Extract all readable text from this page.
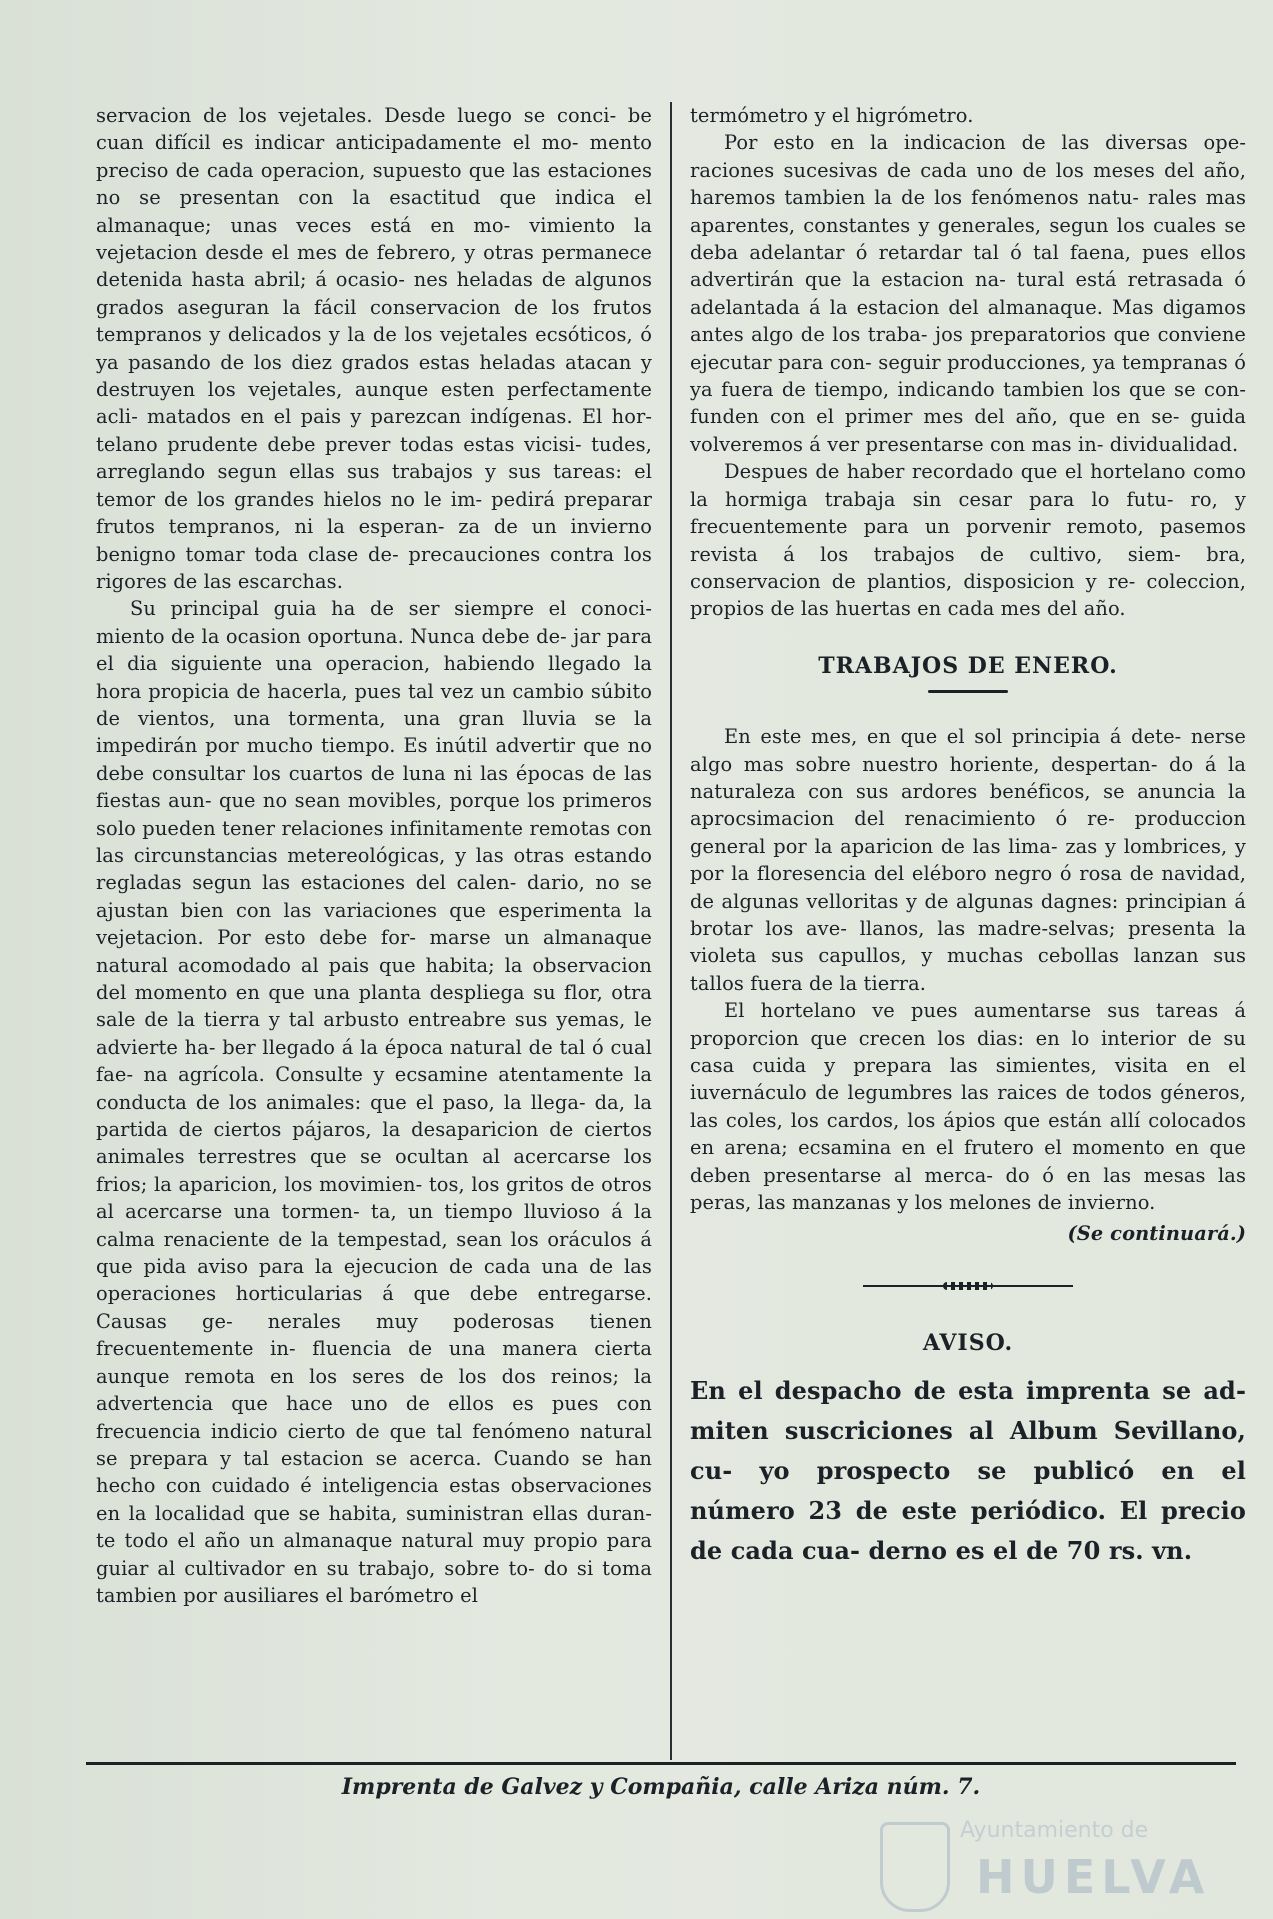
servacion de los vejetales. Desde luego se conci- be cuan difícil es indicar anticipadamente el mo- mento preciso de cada operacion, supuesto que las estaciones no se presentan con la esactitud que indica el almanaque; unas veces está en mo- vimiento la vejetacion desde el mes de febrero, y otras permanece detenida hasta abril; á ocasio- nes heladas de algunos grados aseguran la fácil conservacion de los frutos tempranos y delicados y la de los vejetales ecsóticos, ó ya pasando de los diez grados estas heladas atacan y destruyen los vejetales, aunque esten perfectamente acli- matados en el pais y parezcan indígenas. El hor- telano prudente debe prever todas estas vicisi- tudes, arreglando segun ellas sus trabajos y sus tareas: el temor de los grandes hielos no le im- pedirá preparar frutos tempranos, ni la esperan- za de un invierno benigno tomar toda clase de- precauciones contra los rigores de las escarchas.

Su principal guia ha de ser siempre el conoci- miento de la ocasion oportuna. Nunca debe de- jar para el dia siguiente una operacion, habiendo llegado la hora propicia de hacerla, pues tal vez un cambio súbito de vientos, una tormenta, una gran lluvia se la impedirán por mucho tiempo. Es inútil advertir que no debe consultar los cuartos de luna ni las épocas de las fiestas aun- que no sean movibles, porque los primeros solo pueden tener relaciones infinitamente remotas con las circunstancias metereológicas, y las otras estando regladas segun las estaciones del calen- dario, no se ajustan bien con las variaciones que esperimenta la vejetacion. Por esto debe for- marse un almanaque natural acomodado al pais que habita; la observacion del momento en que una planta despliega su flor, otra sale de la tierra y tal arbusto entreabre sus yemas, le advierte ha- ber llegado á la época natural de tal ó cual fae- na agrícola. Consulte y ecsamine atentamente la conducta de los animales: que el paso, la llega- da, la partida de ciertos pájaros, la desaparicion de ciertos animales terrestres que se ocultan al acercarse los frios; la aparicion, los movimien- tos, los gritos de otros al acercarse una tormen- ta, un tiempo lluvioso á la calma renaciente de la tempestad, sean los oráculos á que pida aviso para la ejecucion de cada una de las operaciones horticularias á que debe entregarse. Causas ge- nerales muy poderosas tienen frecuentemente in- fluencia de una manera cierta aunque remota en los seres de los dos reinos; la advertencia que hace uno de ellos es pues con frecuencia indicio cierto de que tal fenómeno natural se prepara y tal estacion se acerca. Cuando se han hecho con cuidado é inteligencia estas observaciones en la localidad que se habita, suministran ellas duran- te todo el año un almanaque natural muy propio para guiar al cultivador en su trabajo, sobre to- do si toma tambien por ausiliares el barómetro el

termómetro y el higrómetro.

Por esto en la indicacion de las diversas ope- raciones sucesivas de cada uno de los meses del año, haremos tambien la de los fenómenos natu- rales mas aparentes, constantes y generales, segun los cuales se deba adelantar ó retardar tal ó tal faena, pues ellos advertirán que la estacion na- tural está retrasada ó adelantada á la estacion del almanaque. Mas digamos antes algo de los traba- jos preparatorios que conviene ejecutar para con- seguir producciones, ya tempranas ó ya fuera de tiempo, indicando tambien los que se con- funden con el primer mes del año, que en se- guida volveremos á ver presentarse con mas in- dividualidad.

Despues de haber recordado que el hortelano como la hormiga trabaja sin cesar para lo futu- ro, y frecuentemente para un porvenir remoto, pasemos revista á los trabajos de cultivo, siem- bra, conservacion de plantios, disposicion y re- coleccion, propios de las huertas en cada mes del año.

TRABAJOS DE ENERO.

En este mes, en que el sol principia á dete- nerse algo mas sobre nuestro horiente, despertan- do á la naturaleza con sus ardores benéficos, se anuncia la aprocsimacion del renacimiento ó re- produccion general por la aparicion de las lima- zas y lombrices, y por la floresencia del eléboro negro ó rosa de navidad, de algunas velloritas y de algunas dagnes: principian á brotar los ave- llanos, las madre-selvas; presenta la violeta sus capullos, y muchas cebollas lanzan sus tallos fuera de la tierra.

El hortelano ve pues aumentarse sus tareas á proporcion que crecen los dias: en lo interior de su casa cuida y prepara las simientes, visita en el iuvernáculo de legumbres las raices de todos géneros, las coles, los cardos, los ápios que están allí colocados en arena; ecsamina en el frutero el momento en que deben presentarse al merca- do ó en las mesas las peras, las manzanas y los melones de invierno.

(Se continuará.)
AVISO.
En el despacho de esta imprenta se ad- miten suscriciones al Album Sevillano, cu- yo prospecto se publicó en el número 23 de este periódico. El precio de cada cua- derno es el de 70 rs. vn.
Imprenta de Galvez y Compañia, calle Ariza núm. 7.
Ayuntamiento de
HUELVA
